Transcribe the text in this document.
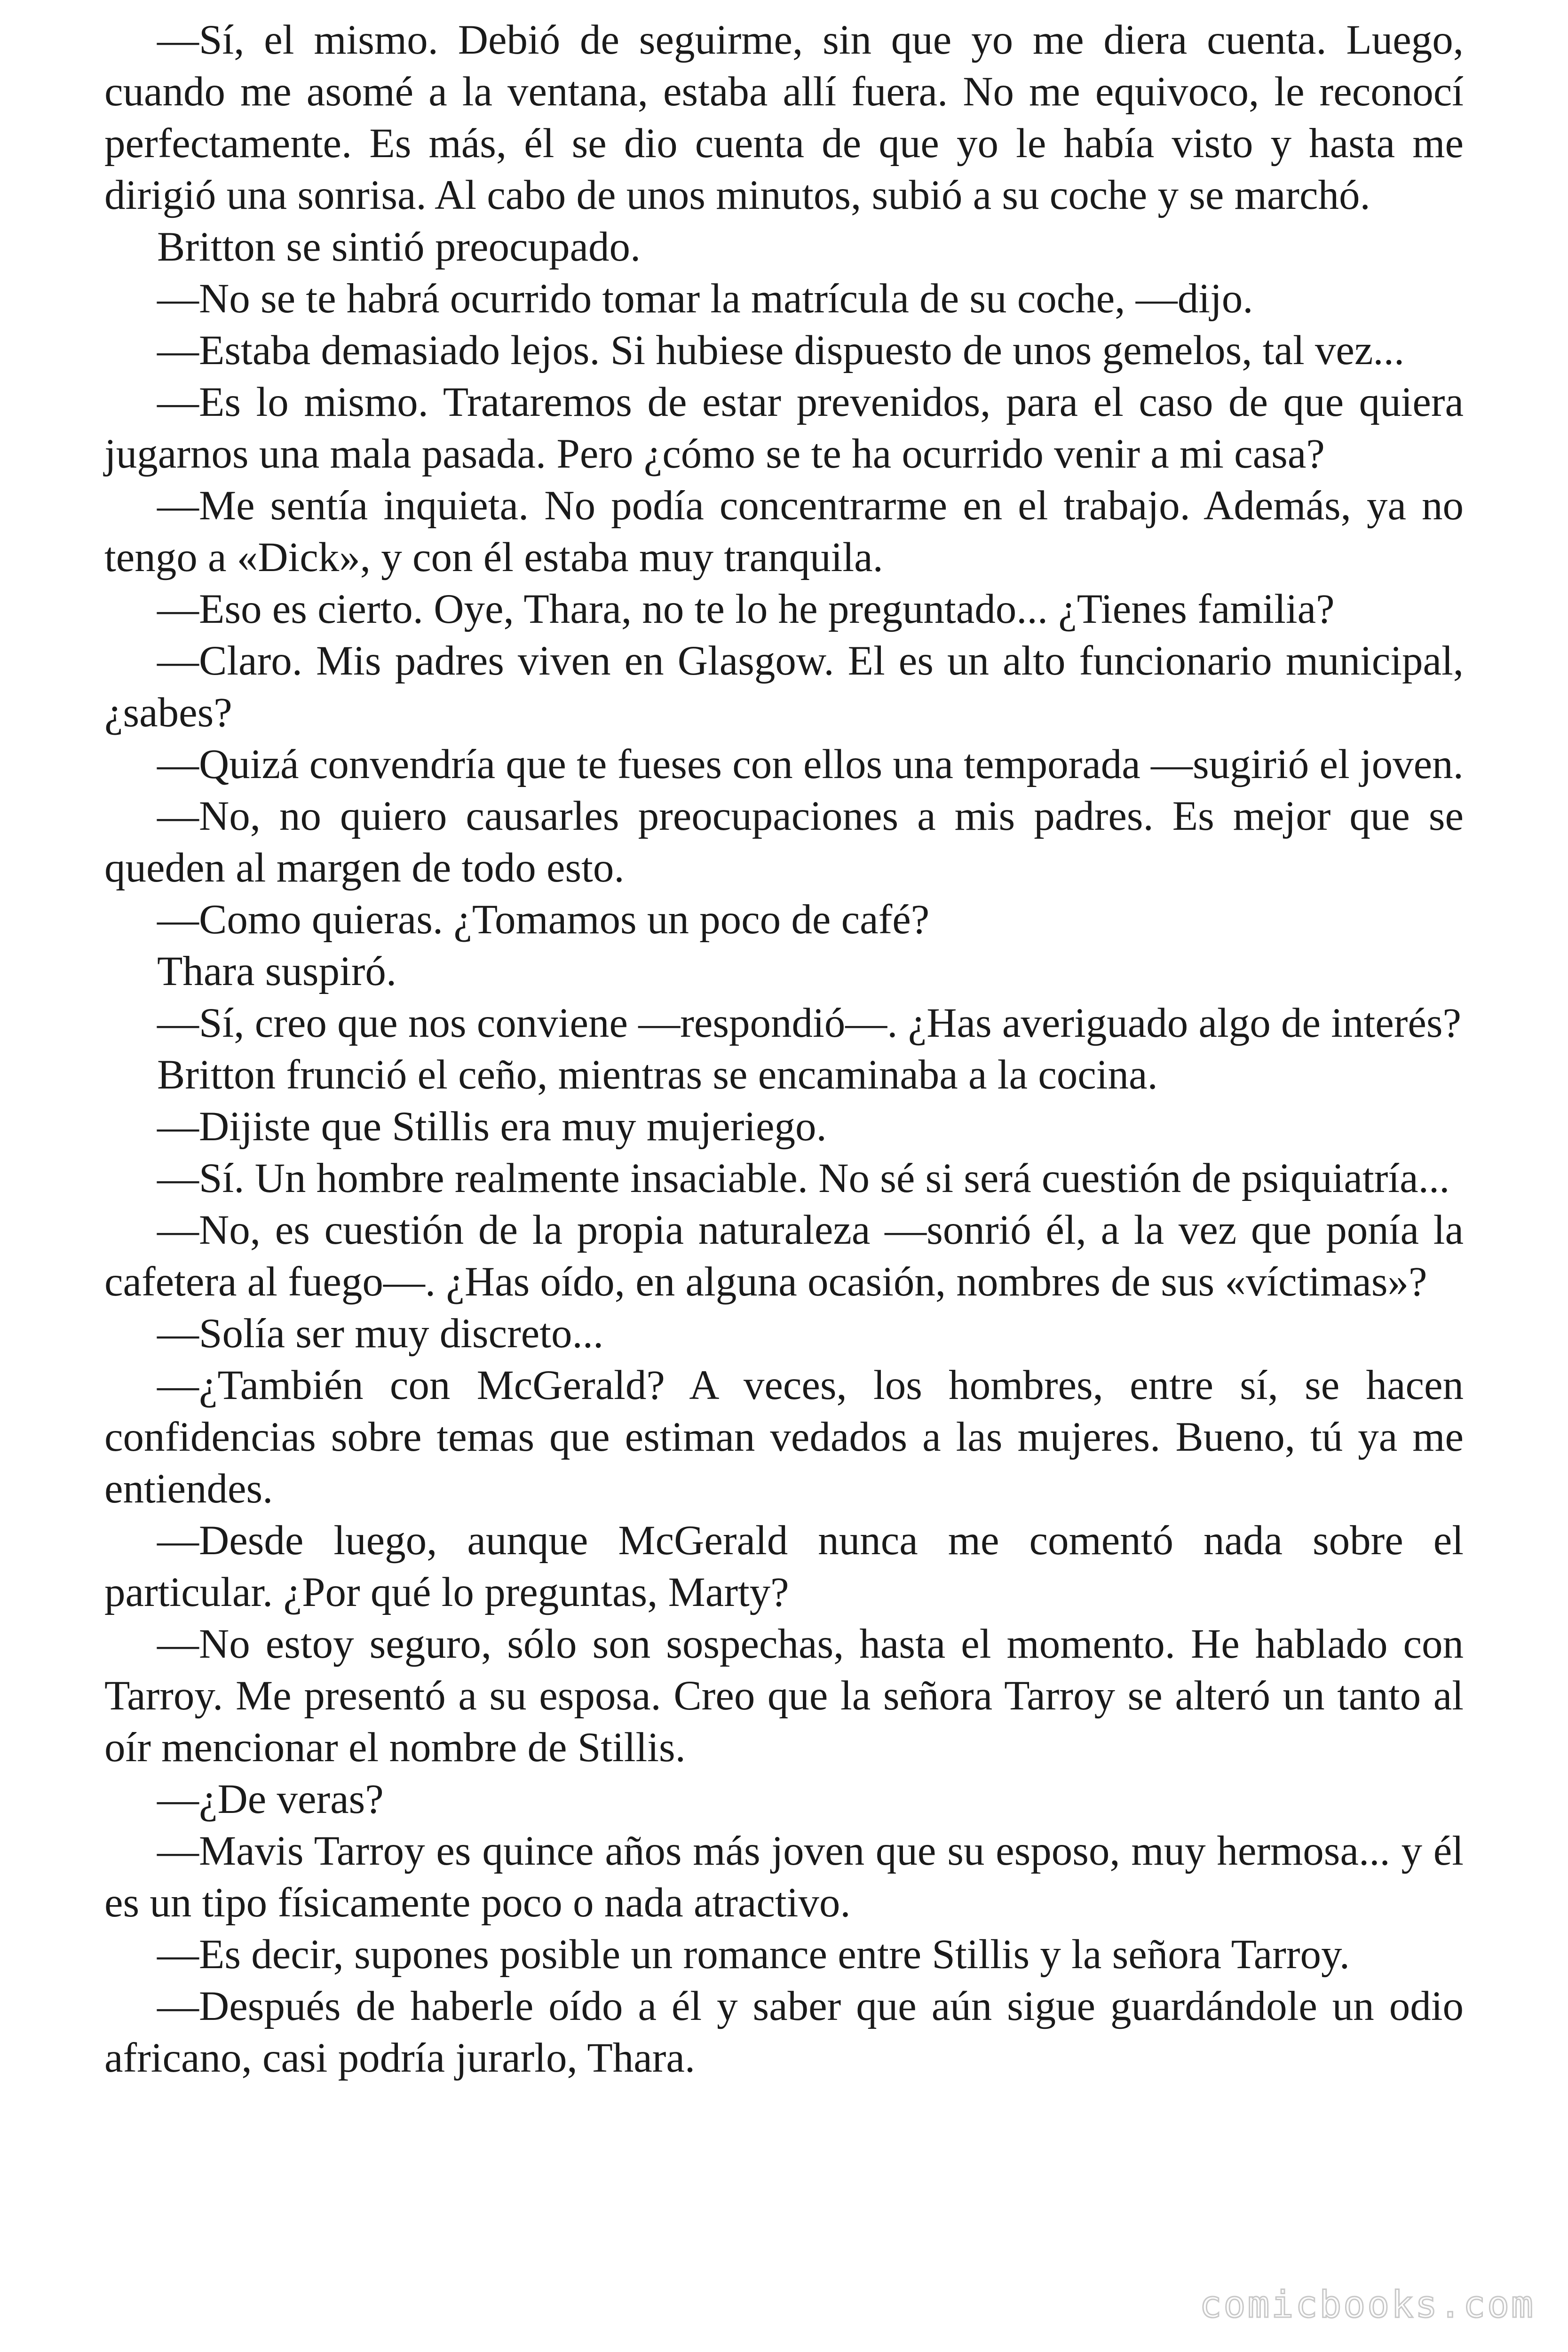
—Sí, el mismo. Debió de seguirme, sin que yo me diera cuenta. Luego, cuando me asomé a la ventana, estaba allí fuera. No me equivoco, le reconocí perfectamente. Es más, él se dio cuenta de que yo le había visto y hasta me dirigió una sonrisa. Al cabo de unos minutos, subió a su coche y se marchó.

Britton se sintió preocupado.

—No se te habrá ocurrido tomar la matrícula de su coche, —dijo.

—Estaba demasiado lejos. Si hubiese dispuesto de unos gemelos, tal vez...

—Es lo mismo. Trataremos de estar prevenidos, para el caso de que quiera jugarnos una mala pasada. Pero ¿cómo se te ha ocurrido venir a mi casa?

—Me sentía inquieta. No podía concentrarme en el trabajo. Además, ya no tengo a «Dick», y con él estaba muy tranquila.

—Eso es cierto. Oye, Thara, no te lo he preguntado... ¿Tienes familia?

—Claro. Mis padres viven en Glasgow. El es un alto funcionario municipal, ¿sabes?

—Quizá convendría que te fueses con ellos una temporada —sugirió el joven.

—No, no quiero causarles preocupaciones a mis padres. Es mejor que se queden al margen de todo esto.

—Como quieras. ¿Tomamos un poco de café?

Thara suspiró.

—Sí, creo que nos conviene —respondió—. ¿Has averiguado algo de interés?

Britton frunció el ceño, mientras se encaminaba a la cocina.

—Dijiste que Stillis era muy mujeriego.

—Sí. Un hombre realmente insaciable. No sé si será cuestión de psiquiatría...

—No, es cuestión de la propia naturaleza —sonrió él, a la vez que ponía la cafetera al fuego—. ¿Has oído, en alguna ocasión, nombres de sus «víctimas»?

—Solía ser muy discreto...

—¿También con McGerald? A veces, los hombres, entre sí, se hacen confidencias sobre temas que estiman vedados a las mujeres. Bueno, tú ya me entiendes.

—Desde luego, aunque McGerald nunca me comentó nada sobre el particular. ¿Por qué lo preguntas, Marty?

—No estoy seguro, sólo son sospechas, hasta el momento. He hablado con Tarroy. Me presentó a su esposa. Creo que la señora Tarroy se alteró un tanto al oír mencionar el nombre de Stillis.

—¿De veras?

—Mavis Tarroy es quince años más joven que su esposo, muy hermosa... y él es un tipo físicamente poco o nada atractivo.

—Es decir, supones posible un romance entre Stillis y la señora Tarroy.

—Después de haberle oído a él y saber que aún sigue guardándole un odio africano, casi podría jurarlo, Thara.

comicbooks.com
